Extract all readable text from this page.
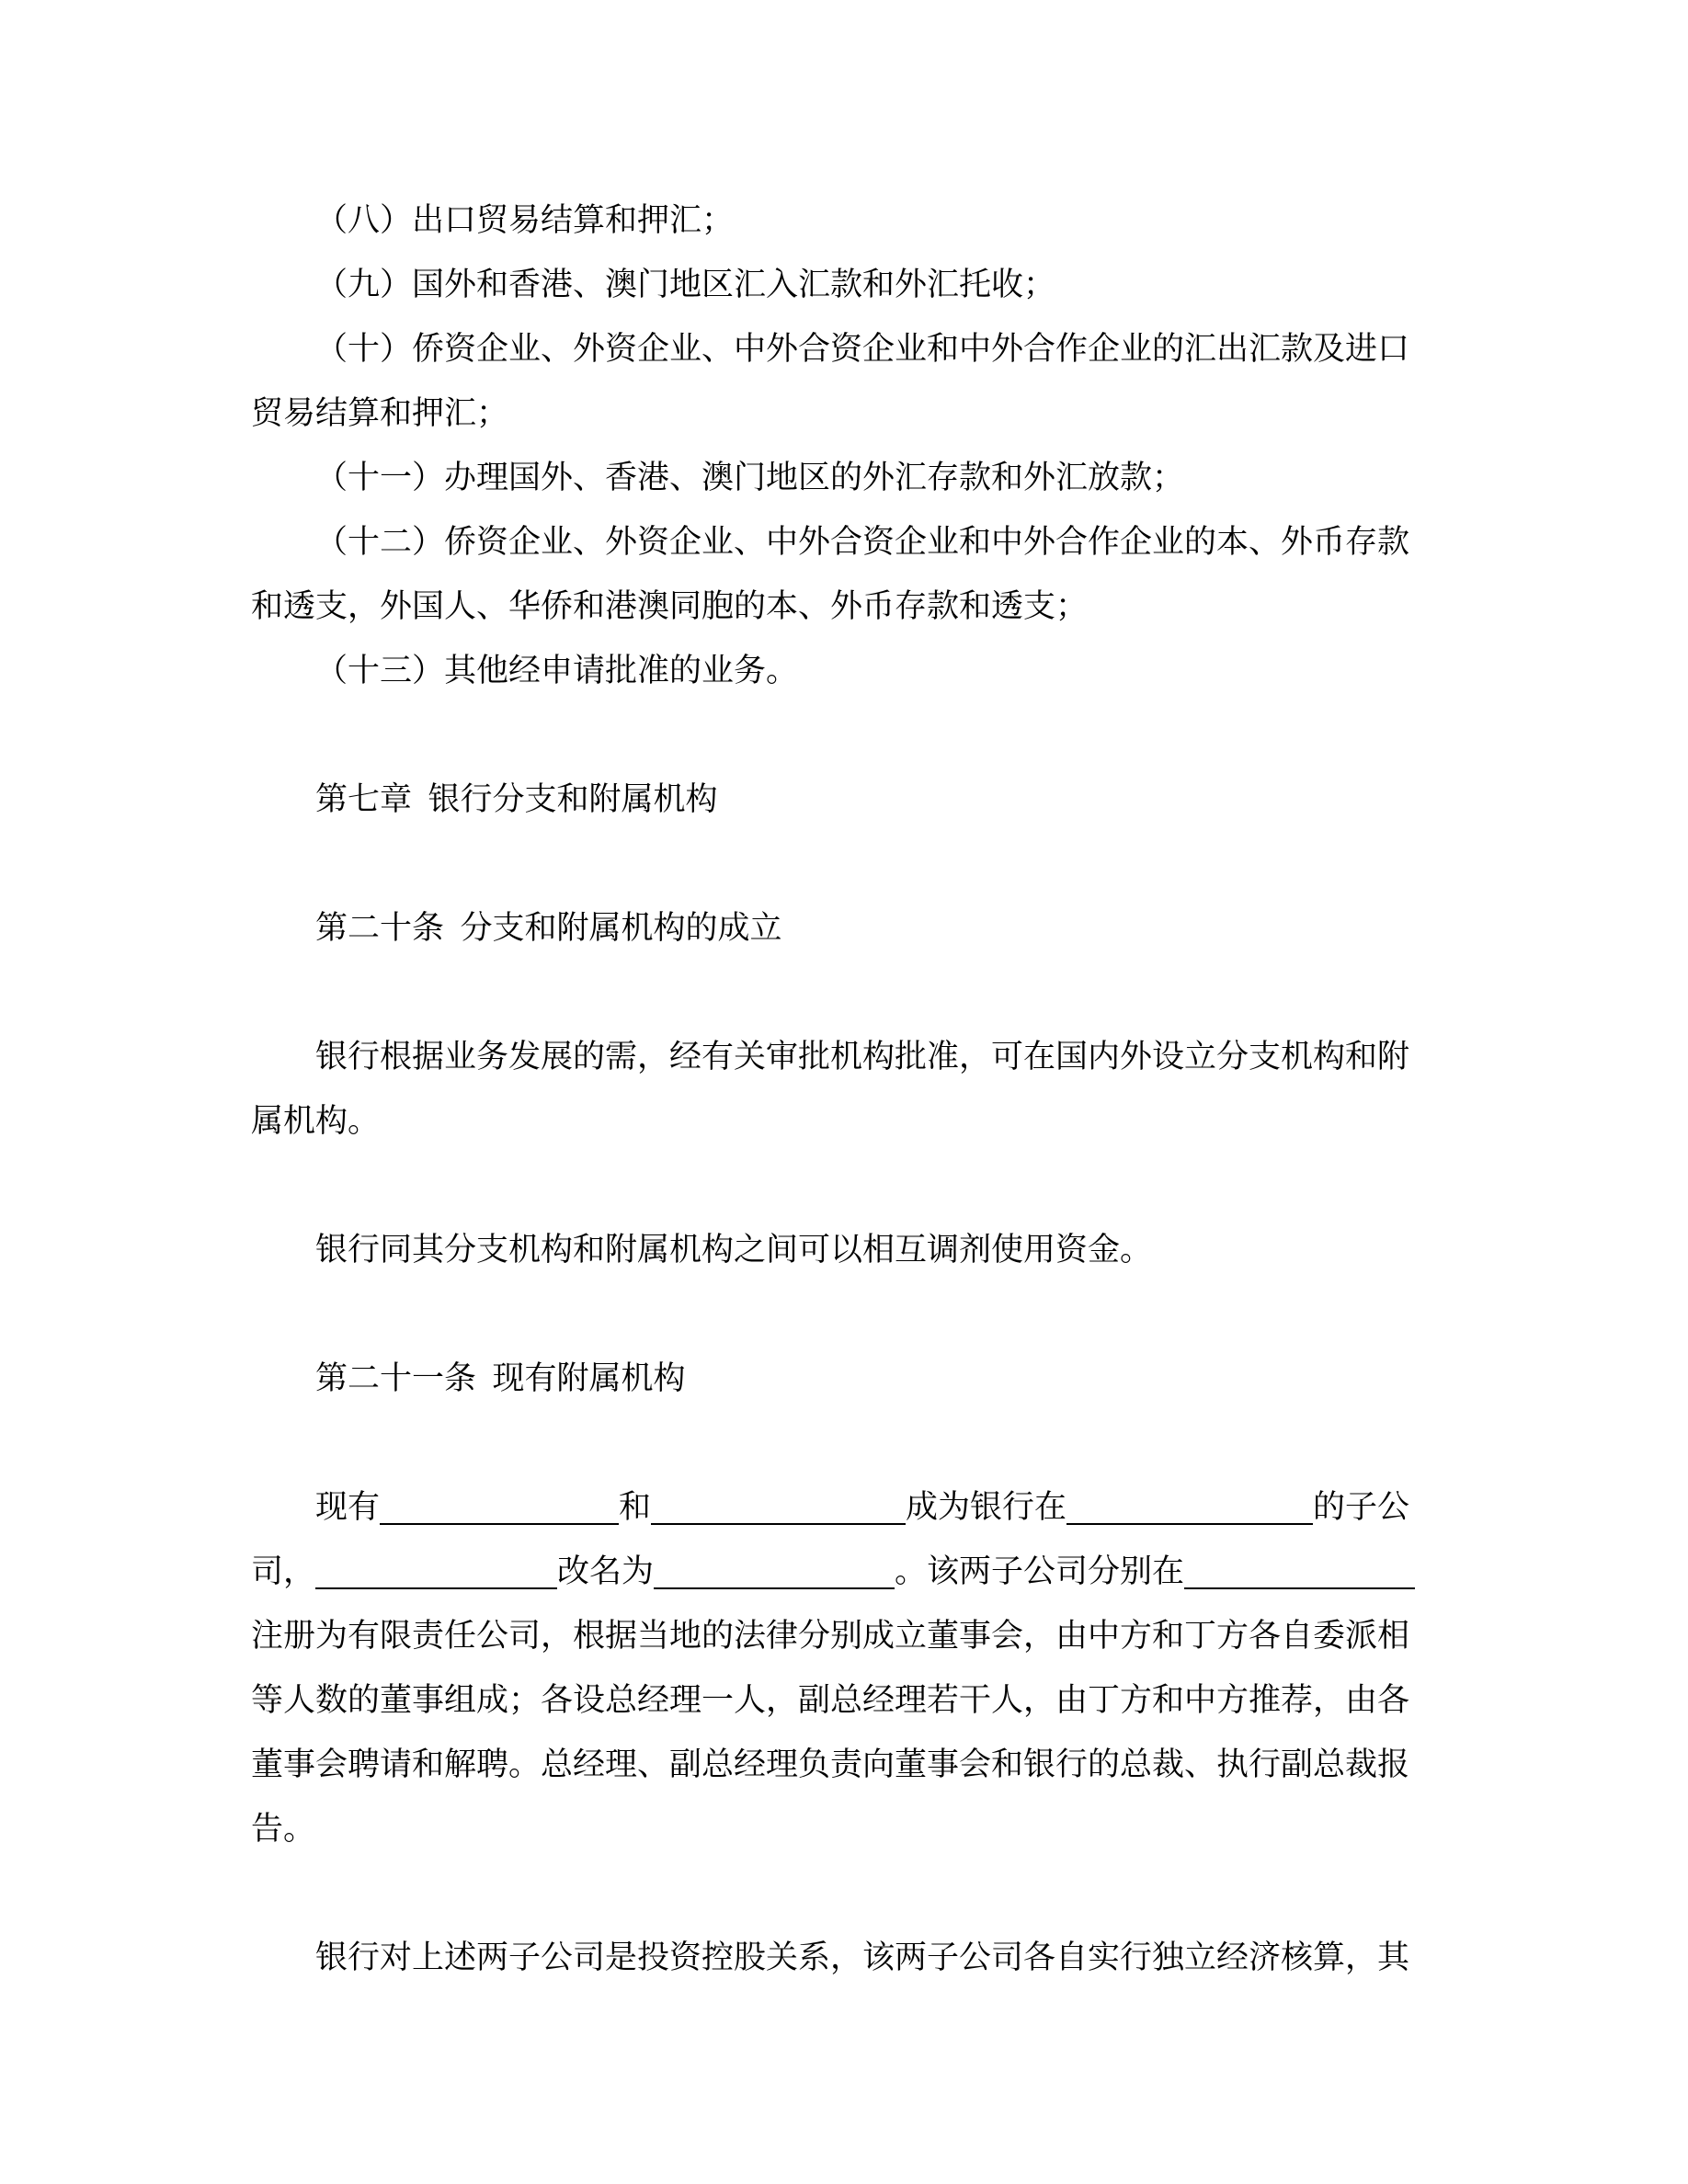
（八）出口贸易结算和押汇；

（九）国外和香港、澳门地区汇入汇款和外汇托收；

（十）侨资企业、外资企业、中外合资企业和中外合作企业的汇出汇款及进口贸易结算和押汇；

（十一）办理国外、香港、澳门地区的外汇存款和外汇放款；

（十二）侨资企业、外资企业、中外合资企业和中外合作企业的本、外币存款和透支，外国人、华侨和港澳同胞的本、外币存款和透支；

（十三）其他经申请批准的业务。

第七章 银行分支和附属机构

第二十条 分支和附属机构的成立

银行根据业务发展的需，经有关审批机构批准，可在国内外设立分支机构和附属机构。

银行同其分支机构和附属机构之间可以相互调剂使用资金。

第二十一条 现有附属机构

现有	和	成为银行在	的子公司，	改名为	。该两子公司分别在注册为有限责任公司，根据当地的法律分别成立董事会，由中方和丁方各自委派相等人数的董事组成；各设总经理一人，副总经理若干人，由丁方和中方推荐，由各董事会聘请和解聘。总经理、副总经理负责向董事会和银行的总裁、执行副总裁报告。

银行对上述两子公司是投资控股关系，该两子公司各自实行独立经济核算，其
